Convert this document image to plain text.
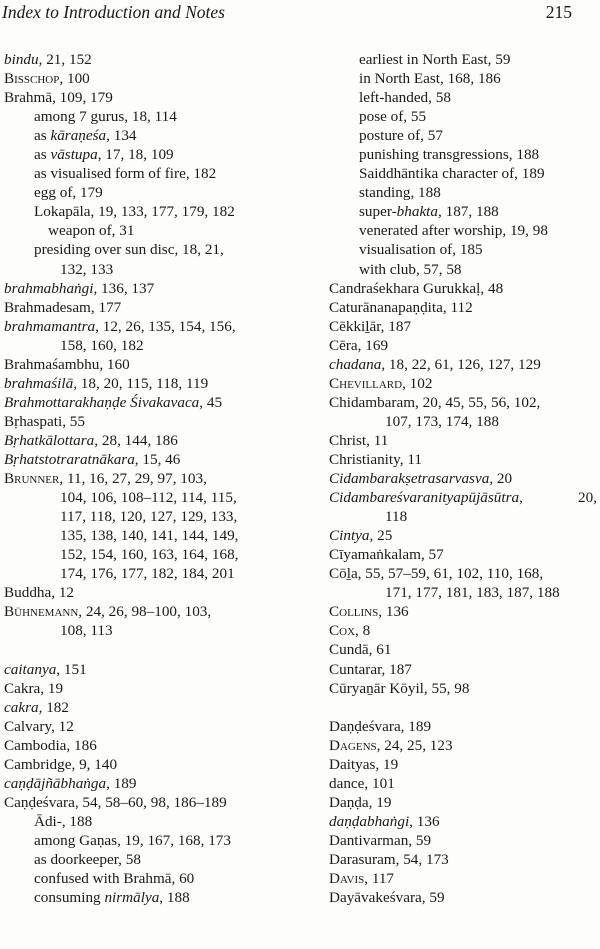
Index to Introduction and Notes	215
bindu, 21, 152
Bisschop, 100
Brahmā, 109, 179
among 7 gurus, 18, 114
as kāraṇeśa, 134
as vāstupa, 17, 18, 109
as visualised form of fire, 182
egg of, 179
Lokapāla, 19, 133, 177, 179, 182
weapon of, 31
presiding over sun disc, 18, 21,
132, 133
brahmabhaṅgi, 136, 137
Brahmadesam, 177
brahmamantra, 12, 26, 135, 154, 156,
158, 160, 182
Brahmaśambhu, 160
brahmaśilā, 18, 20, 115, 118, 119
Brahmottarakhaṇḍe Śivakavaca, 45
Bṛhaspati, 55
Bṛhatkālottara, 28, 144, 186
Bṛhatstotraratnākara, 15, 46
Brunner, 11, 16, 27, 29, 97, 103,
104, 106, 108–112, 114, 115,
117, 118, 120, 127, 129, 133,
135, 138, 140, 141, 144, 149,
152, 154, 160, 163, 164, 168,
174, 176, 177, 182, 184, 201
Buddha, 12
Bühnemann, 24, 26, 98–100, 103,
108, 113
caitanya, 151
Cakra, 19
cakra, 182
Calvary, 12
Cambodia, 186
Cambridge, 9, 140
caṇḍājñābhaṅga, 189
Caṇḍeśvara, 54, 58–60, 98, 186–189
Ādi-, 188
among Gaṇas, 19, 167, 168, 173
as doorkeeper, 58
confused with Brahmā, 60
consuming nirmālya, 188
earliest in North East, 59
in North East, 168, 186
left-handed, 58
pose of, 55
posture of, 57
punishing transgressions, 188
Saiddhāntika character of, 189
standing, 188
super-bhakta, 187, 188
venerated after worship, 19, 98
visualisation of, 185
with club, 57, 58
Candraśekhara Gurukkaḷ, 48
Caturānanapaṇḍita, 112
Cēkkiḻār, 187
Cēra, 169
chadana, 18, 22, 61, 126, 127, 129
Chevillard, 102
Chidambaram, 20, 45, 55, 56, 102,
107, 173, 174, 188
Christ, 11
Christianity, 11
Cidambarakṣetrasarvasva, 20
Cidambareśvaranityapūjāsūtra,	20,
118
Cintya, 25
Cīyamaṅkalam, 57
Cōḻa, 55, 57–59, 61, 102, 110, 168,
171, 177, 181, 183, 187, 188
Collins, 136
Cox, 8
Cundā, 61
Cuntarar, 187
Cūryaṉār Kōyil, 55, 98
Daṇḍeśvara, 189
Dagens, 24, 25, 123
Daityas, 19
dance, 101
Daṇḍa, 19
daṇḍabhaṅgi, 136
Dantivarman, 59
Darasuram, 54, 173
Davis, 117
Dayāvakeśvara, 59
